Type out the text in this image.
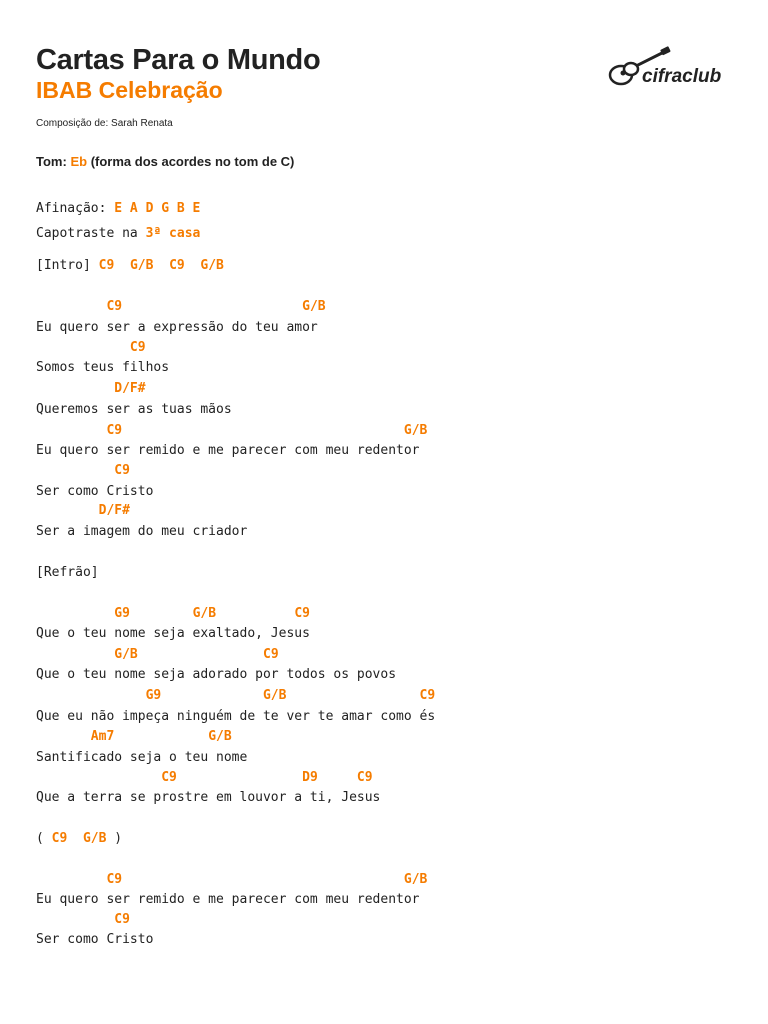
Cartas Para o Mundo
IBAB Celebração
Composição de: Sarah Renata
cifraclub
Tom: Eb (forma dos acordes no tom de C)
Afinação: E A D G B E
Capotraste na 3ª casa
[Intro] C9 G/B C9 G/B
C9	G/B
Eu quero ser a expressão do teu amor
C9
Somos teus filhos
D/F#
Queremos ser as tuas mãos
C9	G/B
Eu quero ser remido e me parecer com meu redentor
C9
Ser como Cristo
D/F#
Ser a imagem do meu criador
[Refrão]
G9	G/B	C9
Que o teu nome seja exaltado, Jesus
G/B	C9
Que o teu nome seja adorado por todos os povos
G9	G/B	C9
Que eu não impeça ninguém de te ver te amar como és
Am7	G/B
Santificado seja o teu nome
C9	D9	C9
Que a terra se prostre em louvor a ti, Jesus
( C9 G/B )
C9	G/B
Eu quero ser remido e me parecer com meu redentor
C9
Ser como Cristo
